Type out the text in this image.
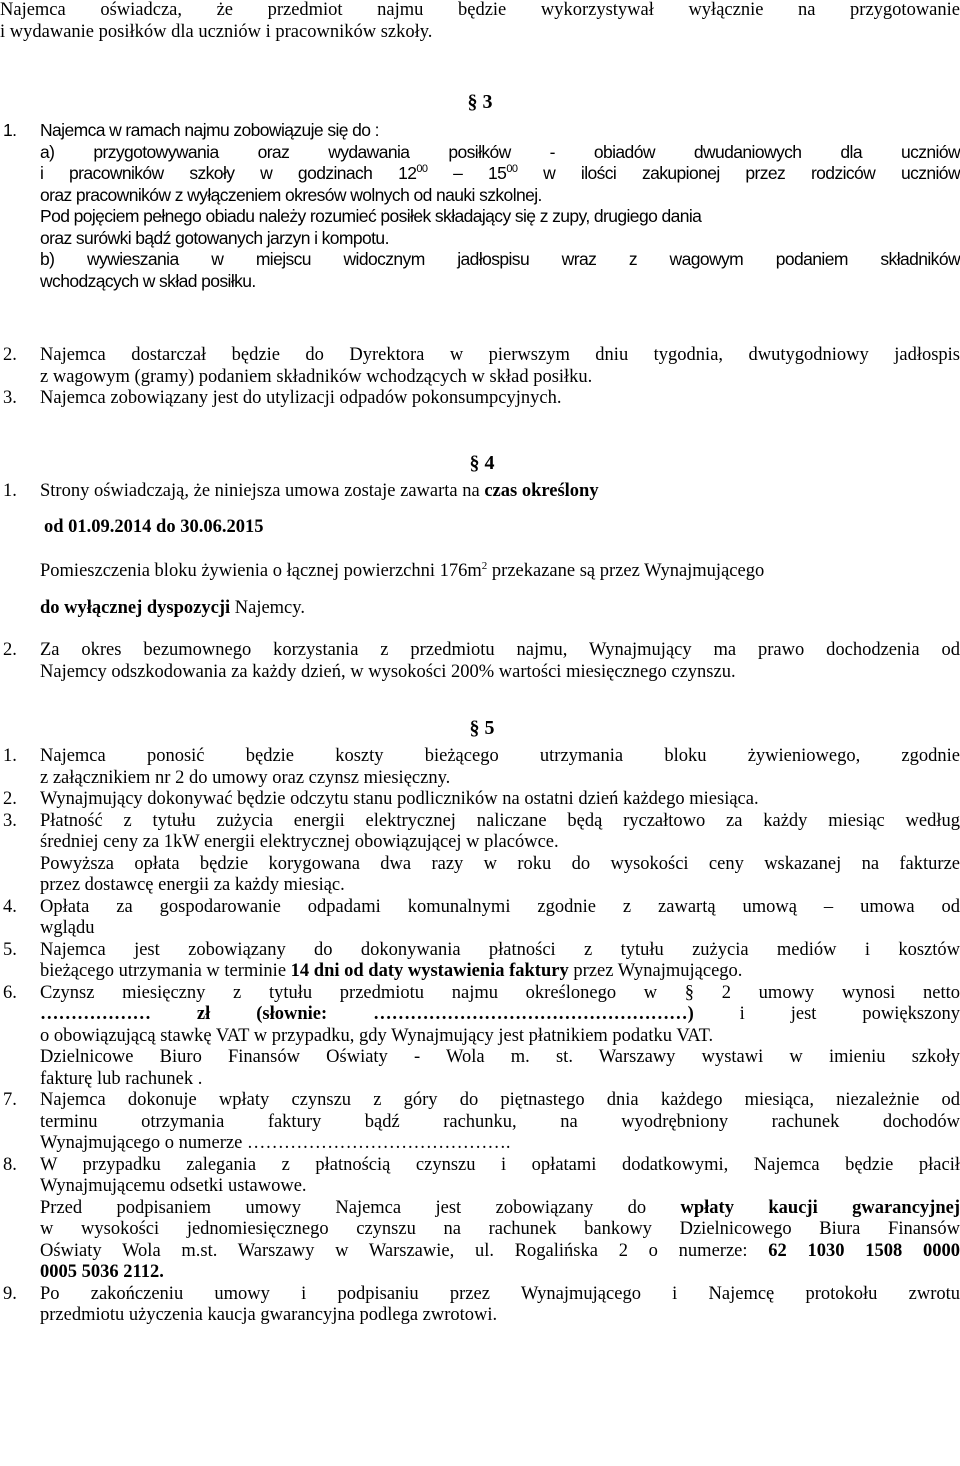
Najemca oświadcza, że przedmiot najmu będzie wykorzystywał wyłącznie na przygotowanie

i wydawanie posiłków dla uczniów i pracowników szkoły.

§ 3
1. Najemca w ramach najmu zobowiązuje się do :

a) przygotowywania oraz wydawania posiłków - obiadów dwudaniowych dla uczniów

i pracowników szkoły w godzinach $12^{00} - 15^{00}$ w ilości zakupionej przez rodziców uczniów

oraz pracowników z wyłączeniem okresów wolnych od nauki szkolnej.

Pod pojęciem pełnego obiadu należy rozumieć posiłek składający się z zupy, drugiego dania

oraz surówki bądź gotowanych jarzyn i kompotu.

b) wywieszania w miejscu widocznym jadłospisu wraz z wagowym podaniem składników

wchodzących w skład posiłku.

2. Najemca dostarczał będzie do Dyrektora w pierwszym dniu tygodnia, dwutygodniowy jadłospis

z wagowym (gramy) podaniem składników wchodzących w skład posiłku.

3. Najemca zobowiązany jest do utylizacji odpadów pokonsumpcyjnych.

§ 4
1. Strony oświadczają, że niniejsza umowa zostaje zawarta na czas określony

od 01.09.2014 do 30.06.2015

Pomieszczenia bloku żywienia o łącznej powierzchni $176m^2$ przekazane są przez Wynajmującego

do wyłącznej dyspozycji Najemcy.

2. Za okres bezumownego korzystania z przedmiotu najmu, Wynajmujący ma prawo dochodzenia od

Najemcy odszkodowania za każdy dzień, w wysokości 200% wartości miesięcznego czynszu.

§ 5
1. Najemca ponosić będzie koszty bieżącego utrzymania bloku żywieniowego, zgodnie

z załącznikiem nr 2 do umowy oraz czynsz miesięczny.

2. Wynajmujący dokonywać będzie odczytu stanu podliczników na ostatni dzień każdego miesiąca.

3. Płatność z tytułu zużycia energii elektrycznej naliczane będą ryczałtowo za każdy miesiąc według

średniej ceny za 1kW energii elektrycznej obowiązującej w placówce.

Powyższa opłata będzie korygowana dwa razy w roku do wysokości ceny wskazanej na fakturze

przez dostawcę energii za każdy miesiąc.

4. Opłata za gospodarowanie odpadami komunalnymi zgodnie z zawartą umową – umowa od

wglądu

5. Najemca jest zobowiązany do dokonywania płatności z tytułu zużycia mediów i kosztów

bieżącego utrzymania w terminie 14 dni od daty wystawienia faktury przez Wynajmującego.

6. Czynsz miesięczny z tytułu przedmiotu najmu określonego w § 2 umowy wynosi netto

……………… zł (słownie: ……………………………………………) i jest powiększony

o obowiązującą stawkę VAT w przypadku, gdy Wynajmujący jest płatnikiem podatku VAT.

Dzielnicowe Biuro Finansów Oświaty - Wola m. st. Warszawy wystawi w imieniu szkoły

fakturę lub rachunek .

7. Najemca dokonuje wpłaty czynszu z góry do piętnastego dnia każdego miesiąca, niezależnie od

terminu otrzymania faktury bądź rachunku, na wyodrębniony rachunek dochodów

Wynajmującego o numerze …………………………………….

8. W przypadku zalegania z płatnością czynszu i opłatami dodatkowymi, Najemca będzie płacił

Wynajmującemu odsetki ustawowe.

Przed podpisaniem umowy Najemca jest zobowiązany do wpłaty kaucji gwarancyjnej

w wysokości jednomiesięcznego czynszu na rachunek bankowy Dzielnicowego Biura Finansów

Oświaty Wola m.st. Warszawy w Warszawie, ul. Rogalińska 2 o numerze: 62 1030 1508 0000

0005 5036 2112.

9. Po zakończeniu umowy i podpisaniu przez Wynajmującego i Najemcę protokołu zwrotu

przedmiotu użyczenia kaucja gwarancyjna podlega zwrotowi.
